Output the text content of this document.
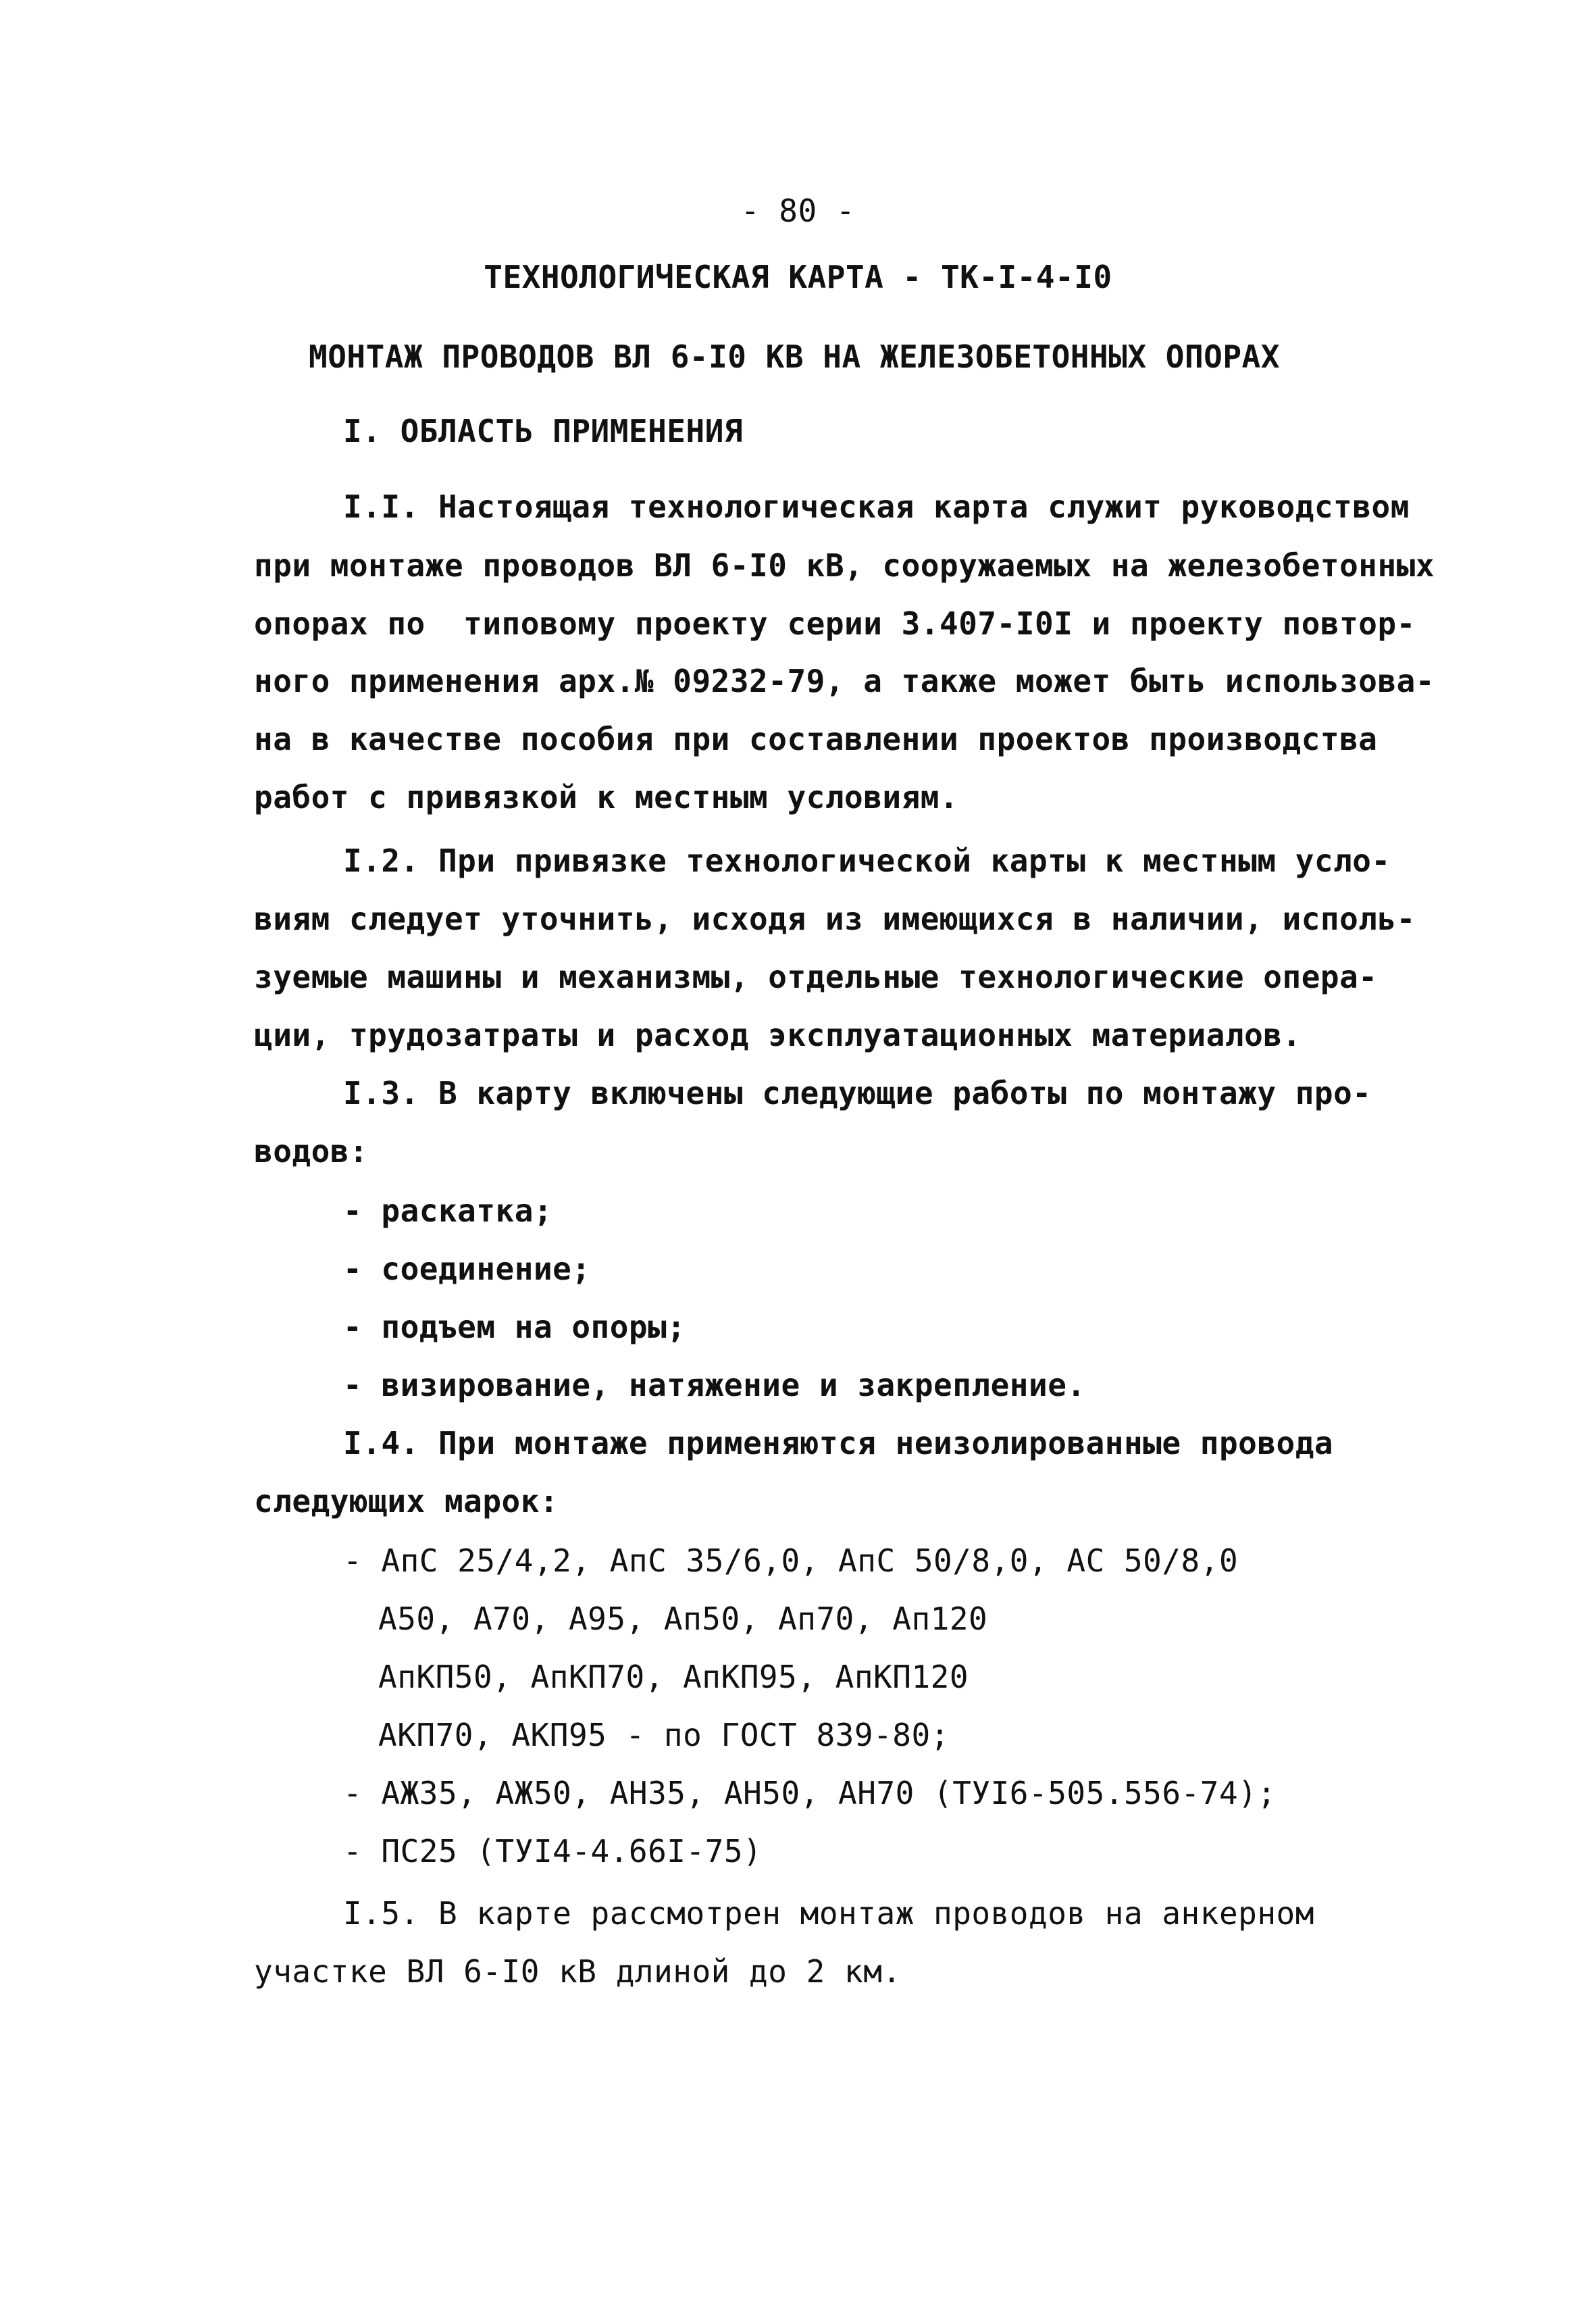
- 80 -
ТЕХНОЛОГИЧЕСКАЯ КАРТА - ТК-I-4-I0
МОНТАЖ ПРОВОДОВ ВЛ 6-I0 КВ НА ЖЕЛЕЗОБЕТОННЫХ ОПОРАХ
I. ОБЛАСТЬ ПРИМЕНЕНИЯ
I.I. Настоящая технологическая карта служит руководством
при монтаже проводов ВЛ 6-I0 кВ, сооружаемых на железобетонных
опорах по  типовому проекту серии 3.407-I0I и проекту повтор-
ного применения арх.№ 09232-79, а также может быть использова-
на в качестве пособия при составлении проектов производства
работ с привязкой к местным условиям.
I.2. При привязке технологической карты к местным усло-
виям следует уточнить, исходя из имеющихся в наличии, исполь-
зуемые машины и механизмы, отдельные технологические опера-
ции, трудозатраты и расход эксплуатационных материалов.
I.3. В карту включены следующие работы по монтажу про-
водов:
- раскатка;
- соединение;
- подъем на опоры;
- визирование, натяжение и закрепление.
I.4. При монтаже применяются неизолированные провода
следующих марок:
- АпС 25/4,2, АпС 35/6,0, АпС 50/8,0, АС 50/8,0
А50, А70, А95, Ап50, Ап70, Ап120
АпКП50, АпКП70, АпКП95, АпКП120
АКП70, АКП95 - по ГОСТ 839-80;
- АЖ35, АЖ50, АН35, АН50, АН70 (ТУI6-505.556-74);
- ПС25 (ТУI4-4.66I-75)
I.5. В карте рассмотрен монтаж проводов на анкерном
участке ВЛ 6-I0 кВ длиной до 2 км.
